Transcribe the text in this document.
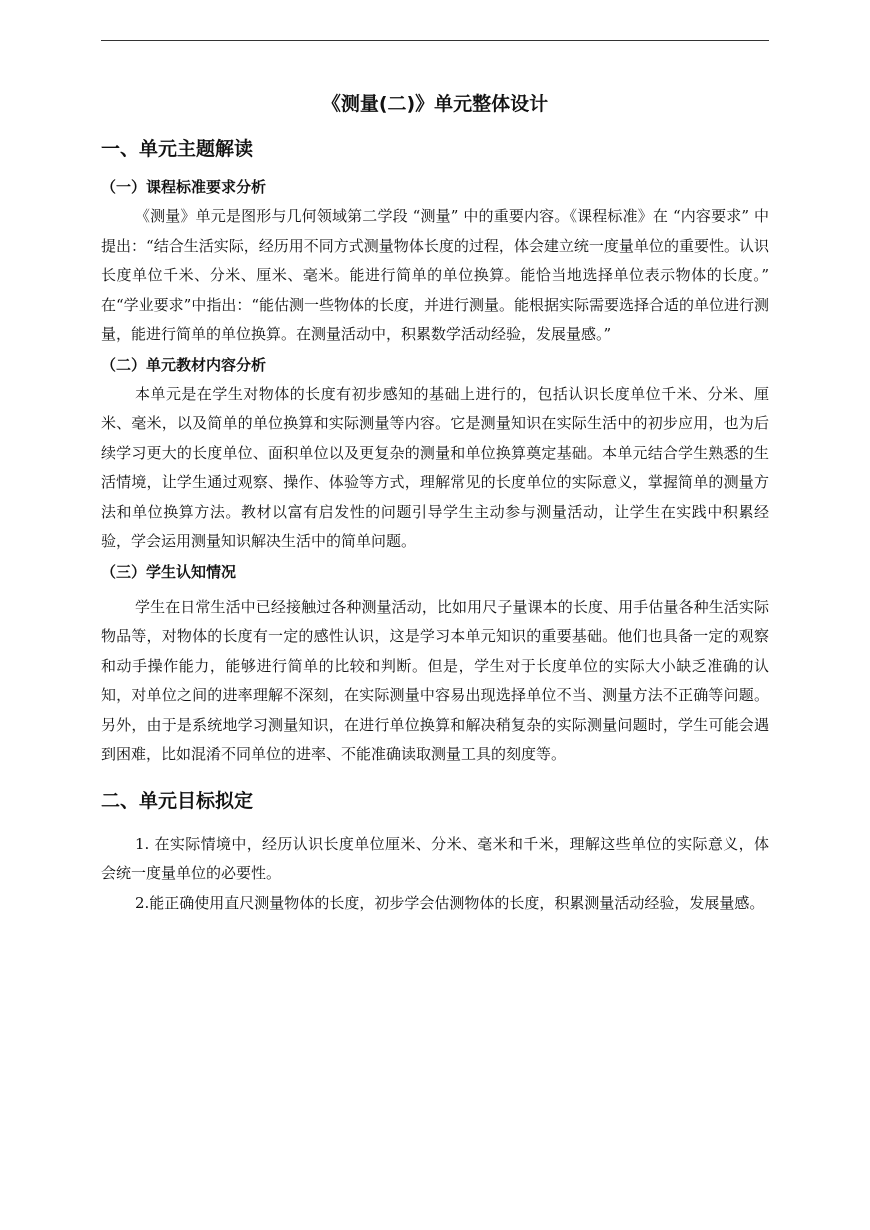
《测量(二)》单元整体设计
一、单元主题解读
（一）课程标准要求分析

《测量》单元是图形与几何领域第二学段 “测量” 中的重要内容。《课程标准》在 “内容要求” 中提出：“结合生活实际，经历用不同方式测量物体长度的过程，体会建立统一度量单位的重要性。认识长度单位千米、分米、厘米、毫米。能进行简单的单位换算。能恰当地选择单位表示物体的长度。” 在“学业要求”中指出：“能估测一些物体的长度，并进行测量。能根据实际需要选择合适的单位进行测量，能进行简单的单位换算。在测量活动中，积累数学活动经验，发展量感。”

（二）单元教材内容分析

本单元是在学生对物体的长度有初步感知的基础上进行的，包括认识长度单位千米、分米、厘米、毫米，以及简单的单位换算和实际测量等内容。它是测量知识在实际生活中的初步应用，也为后续学习更大的长度单位、面积单位以及更复杂的测量和单位换算奠定基础。本单元结合学生熟悉的生活情境，让学生通过观察、操作、体验等方式，理解常见的长度单位的实际意义，掌握简单的测量方法和单位换算方法。教材以富有启发性的问题引导学生主动参与测量活动，让学生在实践中积累经验，学会运用测量知识解决生活中的简单问题。

（三）学生认知情况

学生在日常生活中已经接触过各种测量活动，比如用尺子量课本的长度、用手估量各种生活实际物品等，对物体的长度有一定的感性认识，这是学习本单元知识的重要基础。他们也具备一定的观察和动手操作能力，能够进行简单的比较和判断。但是，学生对于长度单位的实际大小缺乏准确的认知，对单位之间的进率理解不深刻，在实际测量中容易出现选择单位不当、测量方法不正确等问题。另外，由于是系统地学习测量知识，在进行单位换算和解决稍复杂的实际测量问题时，学生可能会遇到困难，比如混淆不同单位的进率、不能准确读取测量工具的刻度等。

二、单元目标拟定

1. 在实际情境中，经历认识长度单位厘米、分米、毫米和千米，理解这些单位的实际意义，体会统一度量单位的必要性。

2.能正确使用直尺测量物体的长度，初步学会估测物体的长度，积累测量活动经验，发展量感。
